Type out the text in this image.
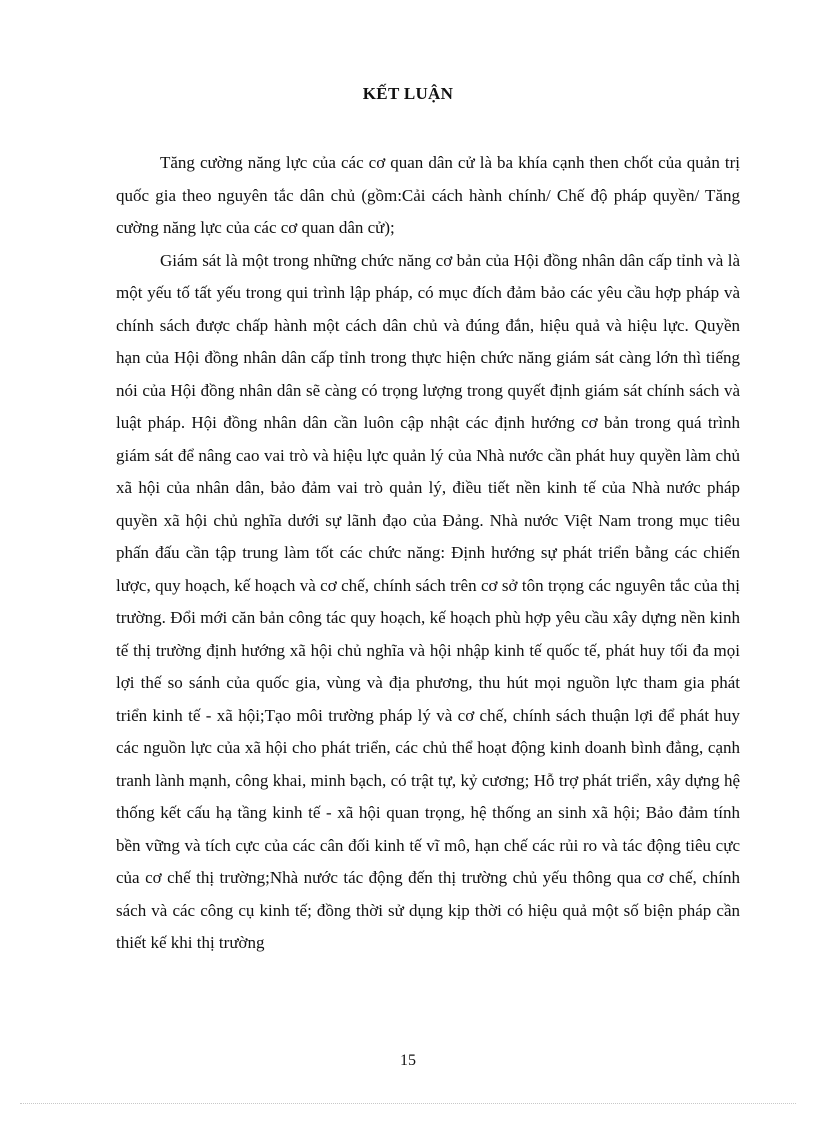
KẾT LUẬN

Tăng cường năng lực của các cơ quan dân cử là ba khía cạnh then chốt của quản trị quốc gia theo nguyên tắc dân chủ (gồm:Cải cách hành chính/ Chế độ pháp quyền/ Tăng cường năng lực của các cơ quan dân cử);

Giám sát là một trong những chức năng cơ bản của Hội đồng nhân dân cấp tỉnh và là một yếu tố tất yếu trong qui trình lập pháp, có mục đích đảm bảo các yêu cầu hợp pháp và chính sách được chấp hành một cách dân chủ và đúng đắn, hiệu quả và hiệu lực. Quyền hạn của Hội đồng nhân dân cấp tỉnh trong thực hiện chức năng giám sát càng lớn thì tiếng nói của Hội đồng nhân dân sẽ càng có trọng lượng trong quyết định giám sát chính sách và luật pháp. Hội đồng nhân dân cần luôn cập nhật các định hướng cơ bản trong quá trình giám sát để nâng cao vai trò và hiệu lực quản lý của Nhà nước cần phát huy quyền làm chủ xã hội của nhân dân, bảo đảm vai trò quản lý, điều tiết nền kinh tế của Nhà nước pháp quyền xã hội chủ nghĩa dưới sự lãnh đạo của Đảng. Nhà nước Việt Nam trong mục tiêu phấn đấu cần tập trung làm tốt các chức năng: Định hướng sự phát triển bằng các chiến lược, quy hoạch, kế hoạch và cơ chế, chính sách trên cơ sở tôn trọng các nguyên tắc của thị trường. Đổi mới căn bản công tác quy hoạch, kế hoạch phù hợp yêu cầu xây dựng nền kinh tế thị trường định hướng xã hội chủ nghĩa và hội nhập kinh tế quốc tế, phát huy tối đa mọi lợi thế so sánh của quốc gia, vùng và địa phương, thu hút mọi nguồn lực tham gia phát triển kinh tế - xã hội;Tạo môi trường pháp lý và cơ chế, chính sách thuận lợi để phát huy các nguồn lực của xã hội cho phát triển, các chủ thể hoạt động kinh doanh bình đẳng, cạnh tranh lành mạnh, công khai, minh bạch, có trật tự, kỷ cương; Hỗ trợ phát triển, xây dựng hệ thống kết cấu hạ tầng kinh tế - xã hội quan trọng, hệ thống an sinh xã hội; Bảo đảm tính bền vững và tích cực của các cân đối kinh tế vĩ mô, hạn chế các rủi ro và tác động tiêu cực của cơ chế thị trường;Nhà nước tác động đến thị trường chủ yếu thông qua cơ chế, chính sách và các công cụ kinh tế; đồng thời sử dụng kịp thời có hiệu quả một số biện pháp cần thiết kế khi thị trường

15
